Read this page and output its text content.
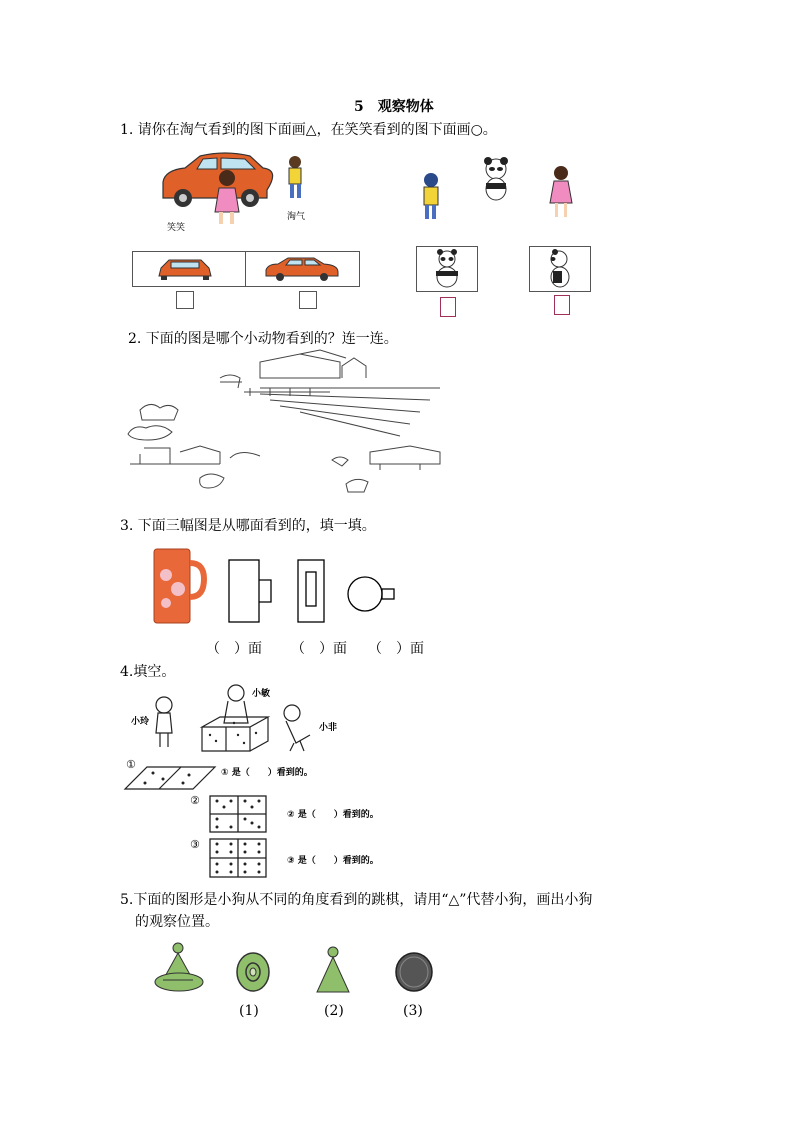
5　观察物体
1. 请你在淘气看到的图下面画△，在笑笑看到的图下面画○。
笑笑
淘气
2. 下面的图是哪个小动物看到的？连一连。
3. 下面三幅图是从哪面看到的，填一填。
（　）面 （　）面 （　）面
4.填空。
小敏
小玲
小非
①
① 是（　　）看到的。
②
② 是（　　）看到的。
③
③ 是（　　）看到的。
5.下面的图形是小狗从不同的角度看到的跳棋，请用“△”代替小狗，画出小狗
的观察位置。
(1)	(2)	(3)
